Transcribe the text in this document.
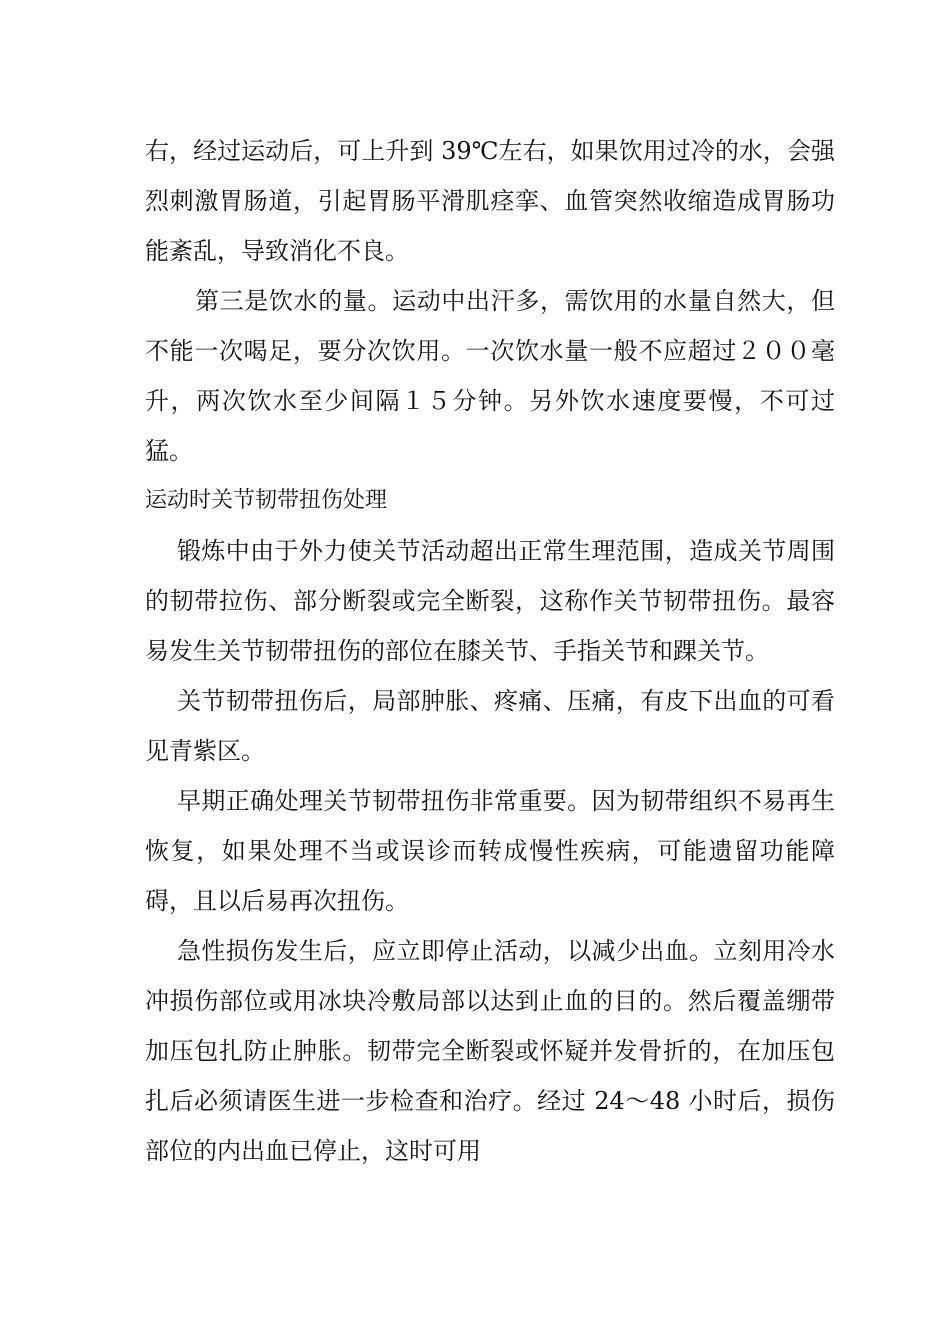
右，经过运动后，可上升到 39℃左右，如果饮用过冷的水，会强烈刺激胃肠道，引起胃肠平滑肌痉挛、血管突然收缩造成胃肠功能紊乱，导致消化不良。

第三是饮水的量。运动中出汗多，需饮用的水量自然大，但不能一次喝足，要分次饮用。一次饮水量一般不应超过２００毫升，两次饮水至少间隔１５分钟。另外饮水速度要慢，不可过猛。

运动时关节韧带扭伤处理

锻炼中由于外力使关节活动超出正常生理范围，造成关节周围的韧带拉伤、部分断裂或完全断裂，这称作关节韧带扭伤。最容易发生关节韧带扭伤的部位在膝关节、手指关节和踝关节。

关节韧带扭伤后，局部肿胀、疼痛、压痛，有皮下出血的可看见青紫区。

早期正确处理关节韧带扭伤非常重要。因为韧带组织不易再生恢复，如果处理不当或误诊而转成慢性疾病，可能遗留功能障碍，且以后易再次扭伤。

急性损伤发生后，应立即停止活动，以减少出血。立刻用冷水冲损伤部位或用冰块冷敷局部以达到止血的目的。然后覆盖绷带加压包扎防止肿胀。韧带完全断裂或怀疑并发骨折的，在加压包扎后必须请医生进一步检查和治疗。经过 24～48 小时后，损伤部位的内出血已停止，这时可用
